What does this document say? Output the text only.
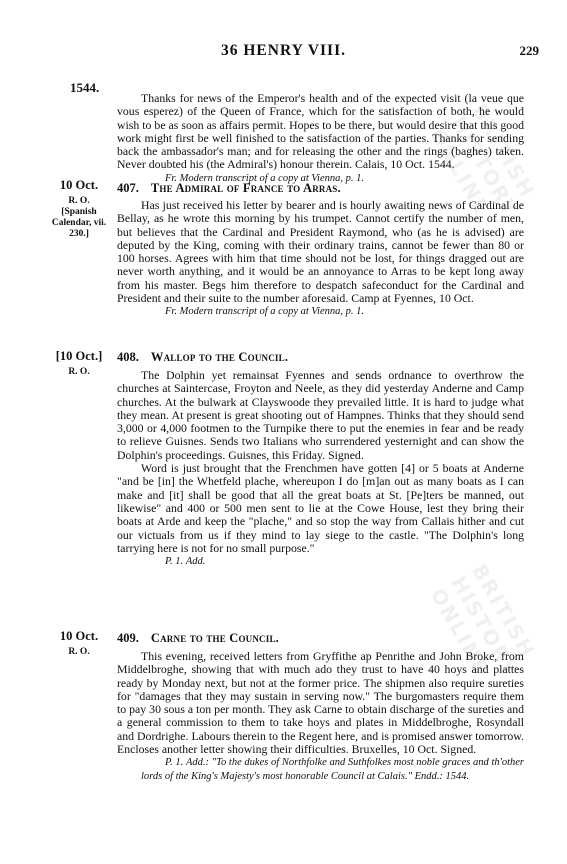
36 HENRY VIII.	229
1544.

Thanks for news of the Emperor's health and of the expected visit (la veue que vous esperez) of the Queen of France, which for the satisfaction of both, he would wish to be as soon as affairs permit. Hopes to be there, but would desire that this good work might first be well finished to the satisfaction of the parties. Thanks for sending back the ambassador's man; and for releasing the other and the rings (baghes) taken. Never doubted his (the Admiral's) honour therein. Calais, 10 Oct. 1544.

Fr. Modern transcript of a copy at Vienna, p. 1.

10 Oct.
R. O. [Spanish Calendar, vii. 230.]
407. The Admiral of France to Arras.

Has just received his letter by bearer and is hourly awaiting news of Cardinal de Bellay, as he wrote this morning by his trumpet. Cannot certify the number of men, but believes that the Cardinal and President Raymond, who (as he is advised) are deputed by the King, coming with their ordinary trains, cannot be fewer than 80 or 100 horses. Agrees with him that time should not be lost, for things dragged out are never worth anything, and it would be an annoyance to Arras to be kept long away from his master. Begs him therefore to despatch safeconduct for the Cardinal and President and their suite to the number aforesaid. Camp at Fyennes, 10 Oct.

Fr. Modern transcript of a copy at Vienna, p. 1.

[10 Oct.]
R. O.
408. Wallop to the Council.

The Dolphin yet remainsat Fyennes and sends ordnance to overthrow the churches at Saintercase, Froyton and Neele, as they did yesterday Anderne and Camp churches. At the bulwark at Clayswoode they prevailed little. It is hard to judge what they mean. At present is great shooting out of Hampnes. Thinks that they should send 3,000 or 4,000 footmen to the Turnpike there to put the enemies in fear and be ready to relieve Guisnes. Sends two Italians who surrendered yesternight and can show the Dolphin's proceedings. Guisnes, this Friday. Signed.

Word is just brought that the Frenchmen have gotten [4] or 5 boats at Anderne "and be [in] the Whetfeld plache, whereupon I do [m]an out as many boats as I can make and [it] shall be good that all the great boats at St. [Pe]ters be manned, out likewise" and 400 or 500 men sent to lie at the Cowe House, lest they bring their boats at Arde and keep the "plache," and so stop the way from Callais hither and cut our victuals from us if they mind to lay siege to the castle. "The Dolphin's long tarrying here is not for no small purpose."

P. 1. Add.

10 Oct.
R. O.
409. Carne to the Council.

This evening, received letters from Gryffithe ap Penrithe and John Broke, from Middelbroghe, showing that with much ado they trust to have 40 hoys and plattes ready by Monday next, but not at the former price. The shipmen also require sureties for "damages that they may sustain in serving now." The burgomasters require them to pay 30 sous a ton per month. They ask Carne to obtain discharge of the sureties and a general commission to them to take hoys and plates in Middelbroghe, Rosyndall and Dordrighe. Labours therein to the Regent here, and is promised answer tomorrow. Encloses another letter showing their difficulties. Bruxelles, 10 Oct. Signed.

P. 1. Add.: "To the dukes of Northfolke and Suthfolkes most noble graces and th'other lords of the King's Majesty's most honorable Council at Calais." Endd.: 1544.

BRITISH HISTORY ONLINE
BRITISH HISTORY ONLINE
